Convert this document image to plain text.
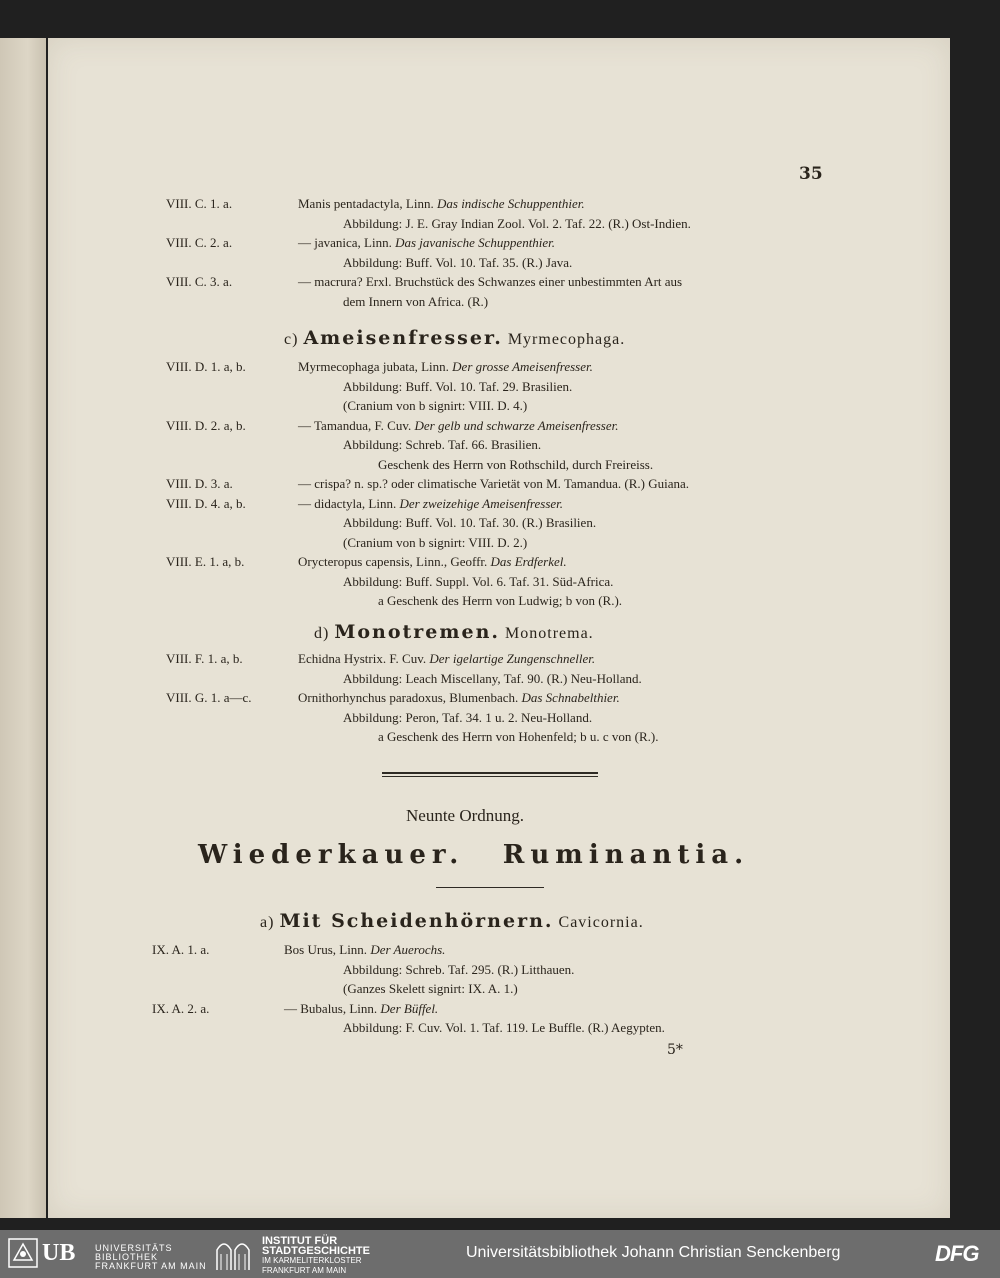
35
VIII. C. 1. a.	Manis pentadactyla, Linn. Das indische Schuppenthier.
Abbildung: J. E. Gray Indian Zool. Vol. 2. Taf. 22. (R.) Ost-Indien.
VIII. C. 2. a.	— javanica, Linn. Das javanische Schuppenthier.
Abbildung: Buff. Vol. 10. Taf. 35. (R.) Java.
VIII. C. 3. a.	— macrura? Erxl. Bruchstück des Schwanzes einer unbestimmten Art aus
dem Innern von Africa. (R.)
c) Ameisenfresser. Myrmecophaga.
VIII. D. 1. a, b.	Myrmecophaga jubata, Linn. Der grosse Ameisenfresser.
Abbildung: Buff. Vol. 10. Taf. 29. Brasilien.
(Cranium von b signirt: VIII. D. 4.)
VIII. D. 2. a, b.	— Tamandua, F. Cuv. Der gelb und schwarze Ameisenfresser.
Abbildung: Schreb. Taf. 66. Brasilien.
Geschenk des Herrn von Rothschild, durch Freireiss.
VIII. D. 3. a.	— crispa? n. sp.? oder climatische Varietät von M. Tamandua. (R.) Guiana.
VIII. D. 4. a, b.	— didactyla, Linn. Der zweizehige Ameisenfresser.
Abbildung: Buff. Vol. 10. Taf. 30. (R.) Brasilien.
(Cranium von b signirt: VIII. D. 2.)
VIII. E. 1. a, b.	Orycteropus capensis, Linn., Geoffr. Das Erdferkel.
Abbildung: Buff. Suppl. Vol. 6. Taf. 31. Süd-Africa.
a Geschenk des Herrn von Ludwig; b von (R.).
d) Monotremen. Monotrema.
VIII. F. 1. a, b.	Echidna Hystrix. F. Cuv. Der igelartige Zungenschneller.
Abbildung: Leach Miscellany, Taf. 90. (R.) Neu-Holland.
VIII. G. 1. a—c.	Ornithorhynchus paradoxus, Blumenbach. Das Schnabelthier.
Abbildung: Peron, Taf. 34. 1 u. 2. Neu-Holland.
a Geschenk des Herrn von Hohenfeld; b u. c von (R.).
Neunte Ordnung.
Wiederkauer. Ruminantia.
a) Mit Scheidenhörnern. Cavicornia.
IX. A. 1. a.	Bos Urus, Linn. Der Auerochs.
Abbildung: Schreb. Taf. 295. (R.) Litthauen.
(Ganzes Skelett signirt: IX. A. 1.)
IX. A. 2. a.	— Bubalus, Linn. Der Büffel.
Abbildung: F. Cuv. Vol. 1. Taf. 119. Le Buffle. (R.) Aegypten.
5*
UB UNIVERSITÄTS
BIBLIOTHEK
FRANKFURT AM MAIN
INSTITUT FÜR
STADTGESCHICHTE
IM KARMELITERKLOSTER
FRANKFURT AM MAIN
Universitätsbibliothek Johann Christian Senckenberg	DFG
